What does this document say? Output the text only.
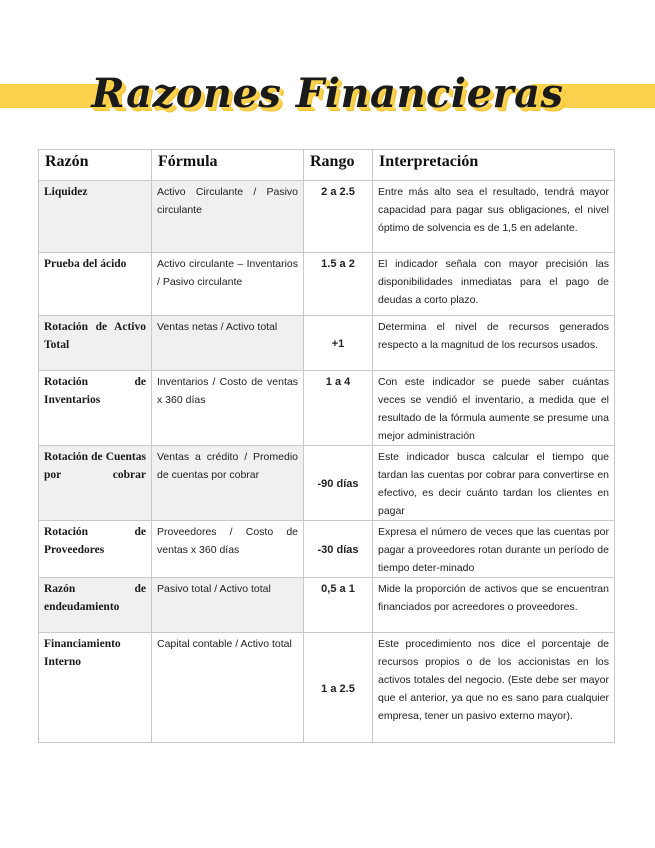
Razones Financieras
Razón	Fórmula	Rango	Interpretación
Liquidez	Activo Circulante / Pasivo circulante	2 a 2.5	Entre más alto sea el resultado, tendrá mayor capacidad para pagar sus obligaciones, el nivel óptimo de solvencia es de 1,5 en adelante.
Prueba del ácido	Activo circulante – Inventarios / Pasivo circulante	1.5 a 2	El indicador señala con mayor precisión las disponibilidades inmediatas para el pago de deudas a corto plazo.
Rotación de Activo Total	Ventas netas / Activo total	+1	Determina el nivel de recursos generados respecto a la magnitud de los recursos usados.
Rotación de Inventarios	Inventarios / Costo de ventas x 360 días	1 a 4	Con este indicador se puede saber cuántas veces se vendió el inventario, a medida que el resultado de la fórmula aumente se presume una mejor administración
Rotación de Cuentas por cobrar	Ventas a crédito / Promedio de cuentas por cobrar	-90 días	Este indicador busca calcular el tiempo que tardan las cuentas por cobrar para convertirse en efectivo, es decir cuánto tardan los clientes en pagar
Rotación de Proveedores	Proveedores / Costo de ventas x 360 días	-30 días	Expresa el número de veces que las cuentas por pagar a proveedores rotan durante un período de tiempo deter-minado
Razón de endeudamiento	Pasivo total / Activo total	0,5 a 1	Mide la proporción de activos que se encuentran financiados por acreedores o proveedores.
Financiamiento Interno	Capital contable / Activo total	1 a 2.5	Este procedimiento nos dice el porcentaje de recursos propios o de los accionistas en los activos totales del negocio. (Este debe ser mayor que el anterior, ya que no es sano para cualquier empresa, tener un pasivo externo mayor).
